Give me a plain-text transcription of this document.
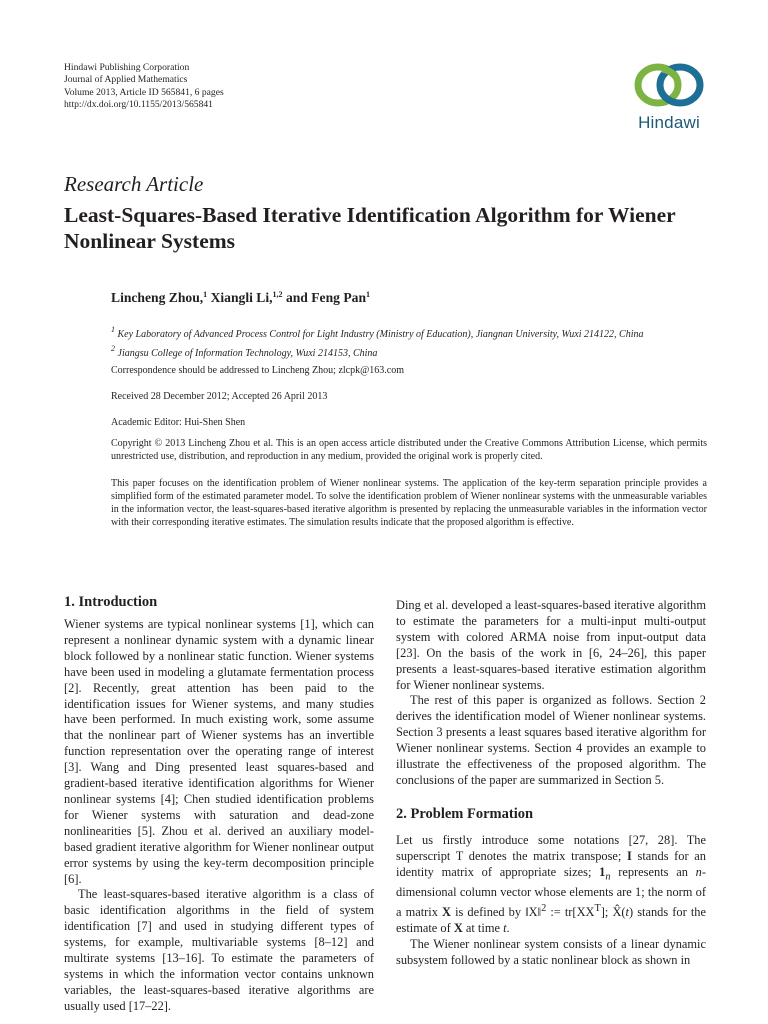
Hindawi Publishing Corporation
Journal of Applied Mathematics
Volume 2013, Article ID 565841, 6 pages
http://dx.doi.org/10.1155/2013/565841
Hindawi
Research Article
Least-Squares-Based Iterative Identification Algorithm for Wiener Nonlinear Systems
Lincheng Zhou,$^1$ Xiangli Li,$^{1,2}$ and Feng Pan$^1$
$^1$ Key Laboratory of Advanced Process Control for Light Industry (Ministry of Education), Jiangnan University, Wuxi 214122, China
$^2$ Jiangsu College of Information Technology, Wuxi 214153, China
Correspondence should be addressed to Lincheng Zhou; zlcpk@163.com
Received 28 December 2012; Accepted 26 April 2013
Academic Editor: Hui-Shen Shen
Copyright © 2013 Lincheng Zhou et al. This is an open access article distributed under the Creative Commons Attribution License, which permits unrestricted use, distribution, and reproduction in any medium, provided the original work is properly cited.
This paper focuses on the identification problem of Wiener nonlinear systems. The application of the key-term separation principle provides a simplified form of the estimated parameter model. To solve the identification problem of Wiener nonlinear systems with the unmeasurable variables in the information vector, the least-squares-based iterative algorithm is presented by replacing the unmeasurable variables in the information vector with their corresponding iterative estimates. The simulation results indicate that the proposed algorithm is effective.
1. Introduction

Wiener systems are typical nonlinear systems [1], which can represent a nonlinear dynamic system with a dynamic linear block followed by a nonlinear static function. Wiener systems have been used in modeling a glutamate fermentation process [2]. Recently, great attention has been paid to the identification issues for Wiener systems, and many studies have been performed. In much existing work, some assume that the nonlinear part of Wiener systems has an invertible function representation over the operating range of interest [3]. Wang and Ding presented least squares-based and gradient-based iterative identification algorithms for Wiener nonlinear systems [4]; Chen studied identification problems for Wiener systems with saturation and dead-zone nonlinearities [5]. Zhou et al. derived an auxiliary model-based gradient iterative algorithm for Wiener nonlinear output error systems by using the key-term decomposition principle [6].

The least-squares-based iterative algorithm is a class of basic identification algorithms in the field of system identification [7] and used in studying different types of systems, for example, multivariable systems [8–12] and multirate systems [13–16]. To estimate the parameters of systems in which the information vector contains unknown variables, the least-squares-based iterative algorithms are usually used [17–22].

Ding et al. developed a least-squares-based iterative algorithm to estimate the parameters for a multi-input multi-output system with colored ARMA noise from input-output data [23]. On the basis of the work in [6, 24–26], this paper presents a least-squares-based iterative estimation algorithm for Wiener nonlinear systems.

The rest of this paper is organized as follows. Section 2 derives the identification model of Wiener nonlinear systems. Section 3 presents a least squares based iterative algorithm for Wiener nonlinear systems. Section 4 provides an example to illustrate the effectiveness of the proposed algorithm. The conclusions of the paper are summarized in Section 5.

2. Problem Formation

Let us firstly introduce some notations [27, 28]. The superscript T denotes the matrix transpose; I stands for an identity matrix of appropriate sizes; $1_n$ represents an n-dimensional column vector whose elements are 1; the norm of a matrix X is defined by ‖X‖$^2$ := $tr[XX^T]$; X̂(t) stands for the estimate of X at time t.

The Wiener nonlinear system consists of a linear dynamic subsystem followed by a static nonlinear block as shown in
